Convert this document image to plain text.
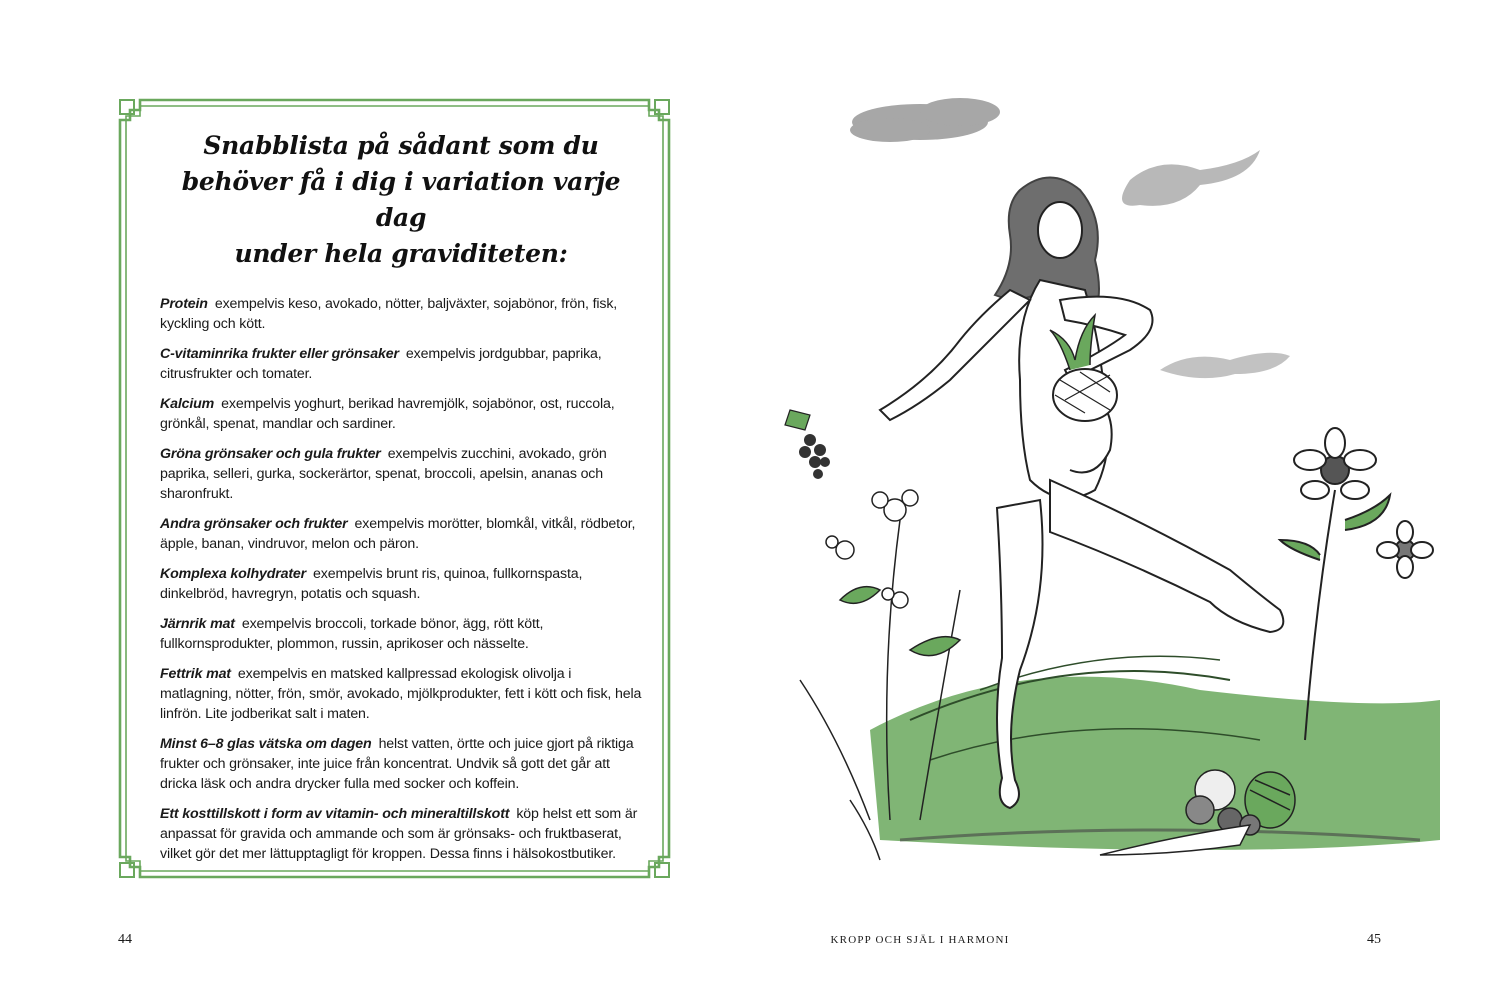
Snabblista på sådant som du
behöver få i dig i variation varje dag
under hela graviditeten:

Protein exempelvis keso, avokado, nötter, baljväxter, sojabönor, frön, fisk, kyckling och kött.

C-vitaminrika frukter eller grönsaker exempelvis jordgubbar, paprika, citrusfrukter och tomater.

Kalcium exempelvis yoghurt, berikad havremjölk, sojabönor, ost, ruccola, grönkål, spenat, mandlar och sardiner.

Gröna grönsaker och gula frukter exempelvis zucchini, avokado, grön paprika, selleri, gurka, sockerärtor, spenat, broccoli, apelsin, ananas och sharonfrukt.

Andra grönsaker och frukter exempelvis morötter, blomkål, vitkål, rödbetor, äpple, banan, vindruvor, melon och päron.

Komplexa kolhydrater exempelvis brunt ris, quinoa, fullkornspasta, dinkelbröd, havregryn, potatis och squash.

Järnrik mat exempelvis broccoli, torkade bönor, ägg, rött kött, fullkornsprodukter, plommon, russin, aprikoser och nässelte.

Fettrik mat exempelvis en matsked kallpressad ekologisk olivolja i matlagning, nötter, frön, smör, avokado, mjölkprodukter, fett i kött och fisk, hela linfrön. Lite jodberikat salt i maten.

Minst 6–8 glas vätska om dagen helst vatten, örtte och juice gjort på riktiga frukter och grönsaker, inte juice från koncentrat. Undvik så gott det går att dricka läsk och andra drycker fulla med socker och koffein.

Ett kosttillskott i form av vitamin- och mineraltillskott köp helst ett som är anpassat för gravida och ammande och som är grönsaks- och fruktbaserat, vilket gör det mer lättupptagligt för kroppen. Dessa finns i hälsokostbutiker.

44	KROPP OCH SJÄL I HARMONI	45
